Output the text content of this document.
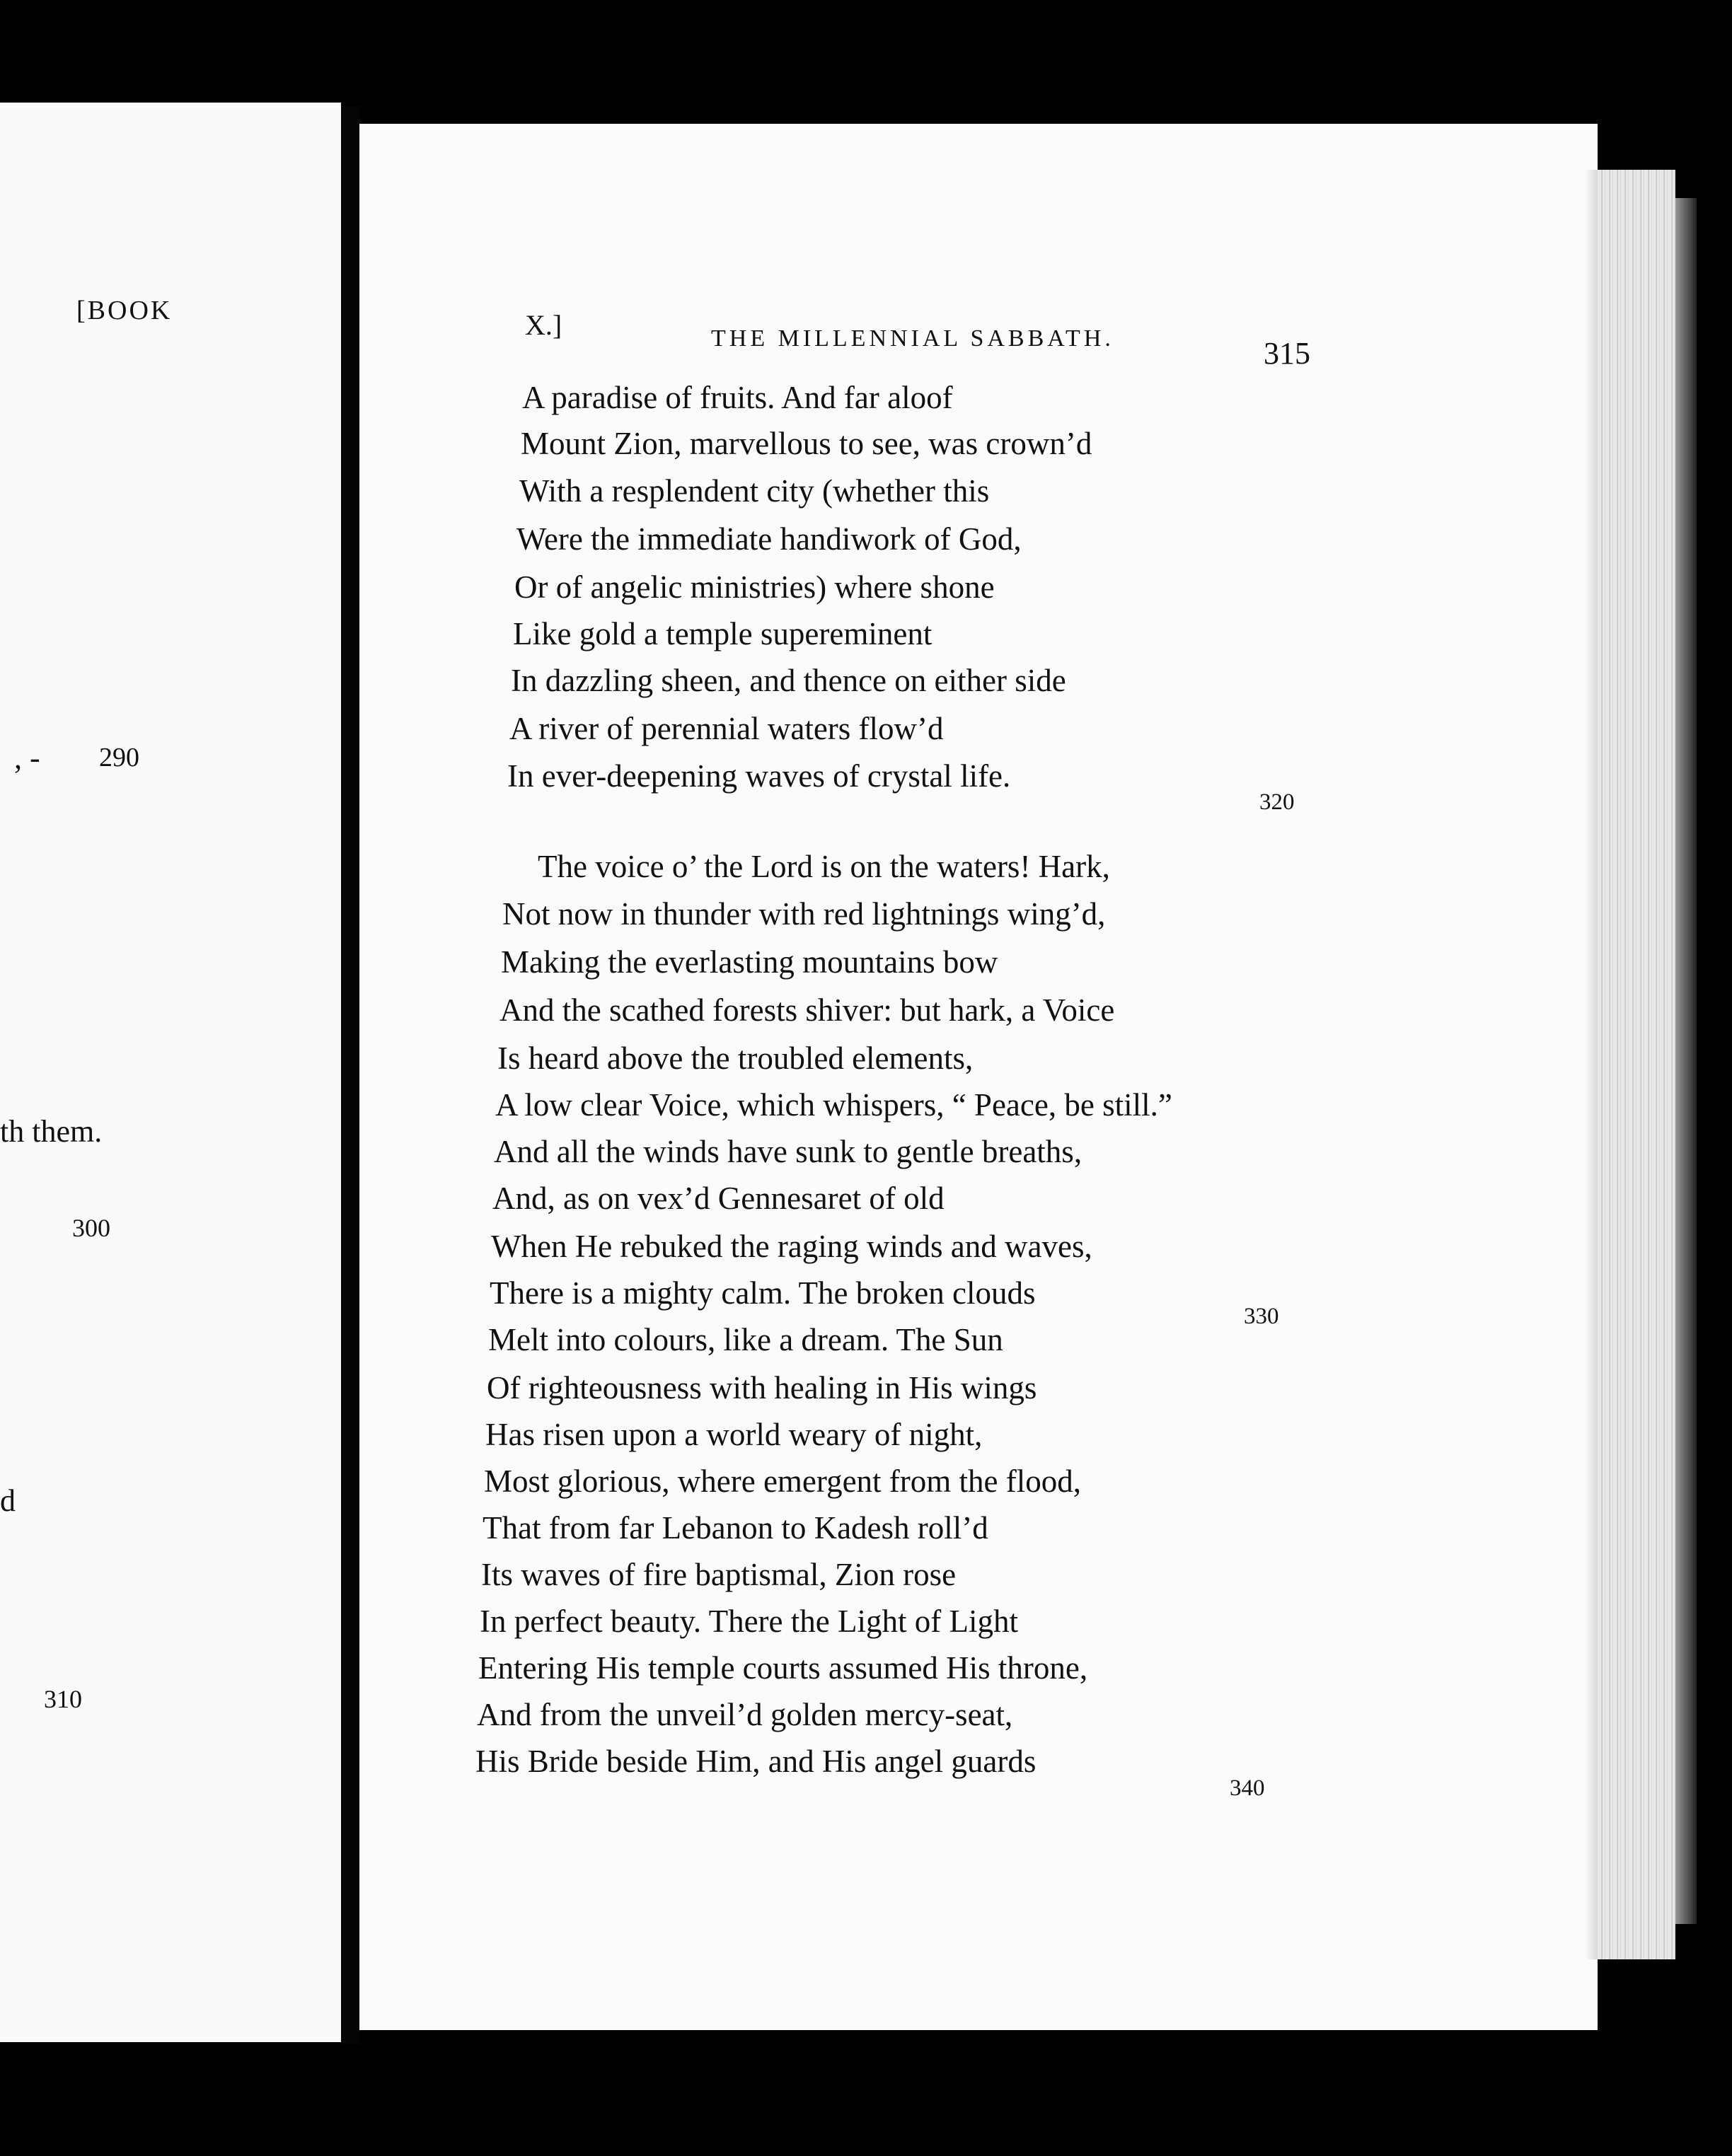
[BOOK
, - 290
th them.
300
d
310
X.]	THE MILLENNIAL SABBATH.	315
A paradise of fruits. And far aloof
Mount Zion, marvellous to see, was crown’d
With a resplendent city (whether this
Were the immediate handiwork of God,
Or of angelic ministries) where shone
Like gold a temple supereminent
In dazzling sheen, and thence on either side
A river of perennial waters flow’d
In ever-deepening waves of crystal life.
320
The voice o’ the Lord is on the waters! Hark,
Not now in thunder with red lightnings wing’d,
Making the everlasting mountains bow
And the scathed forests shiver: but hark, a Voice
Is heard above the troubled elements,
A low clear Voice, which whispers, “ Peace, be still.”
And all the winds have sunk to gentle breaths,
And, as on vex’d Gennesaret of old
When He rebuked the raging winds and waves,
There is a mighty calm. The broken clouds
330
Melt into colours, like a dream. The Sun
Of righteousness with healing in His wings
Has risen upon a world weary of night,
Most glorious, where emergent from the flood,
That from far Lebanon to Kadesh roll’d
Its waves of fire baptismal, Zion rose
In perfect beauty. There the Light of Light
Entering His temple courts assumed His throne,
And from the unveil’d golden mercy-seat,
His Bride beside Him, and His angel guards
340
